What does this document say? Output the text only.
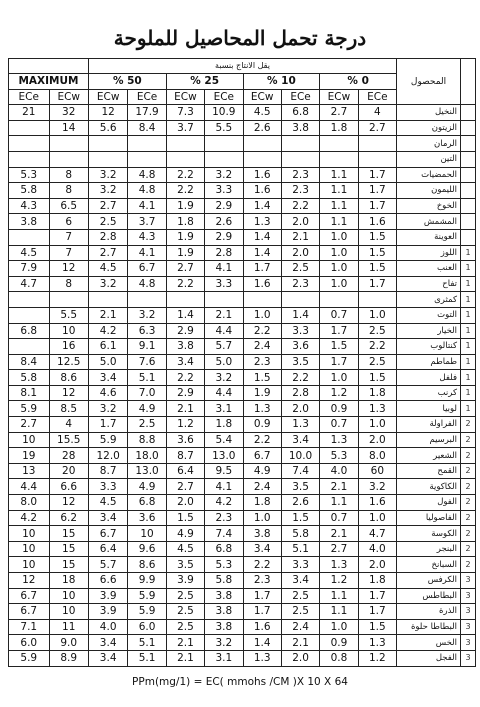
درجة تحمل المحاصيل للملوحة
		يقل الانتاج بنسبة								المحصول	
MAXIMUM		% 50		% 25		% 10		% 0			
ECe	ECw	ECw	ECe	ECw	ECe	ECw	ECe	ECw	ECe		
21	32	12	17.9	7.3	10.9	4.5	6.8	2.7	4	النخيل	
	14	5.6	8.4	3.7	5.5	2.6	3.8	1.8	2.7	الزيتون	
										الرمان	
										التين	
5.3	8	3.2	4.8	2.2	3.2	1.6	2.3	1.1	1.7	الحمضيات	
5.8	8	3.2	4.8	2.2	3.3	1.6	2.3	1.1	1.7	الليمون	
4.3	6.5	2.7	4.1	1.9	2.9	1.4	2.2	1.1	1.7	الخوخ	
3.8	6	2.5	3.7	1.8	2.6	1.3	2.0	1.1	1.6	المشمش	
	7	2.8	4.3	1.9	2.9	1.4	2.1	1.0	1.5	العوينة	
4.5	7	2.7	4.1	1.9	2.8	1.4	2.0	1.0	1.5	اللوز	1
7.9	12	4.5	6.7	2.7	4.1	1.7	2.5	1.0	1.5	العنب	1
4.7	8	3.2	4.8	2.2	3.3	1.6	2.3	1.0	1.7	تفاح	1
										كمثرى	1
	5.5	2.1	3.2	1.4	2.1	1.0	1.4	0.7	1.0	التوت	1
6.8	10	4.2	6.3	2.9	4.4	2.2	3.3	1.7	2.5	الخيار	1
	16	6.1	9.1	3.8	5.7	2.4	3.6	1.5	2.2	كنتالوب	1
8.4	12.5	5.0	7.6	3.4	5.0	2.3	3.5	1.7	2.5	طماطم	1
5.8	8.6	3.4	5.1	2.2	3.2	1.5	2.2	1.0	1.5	فلفل	1
8.1	12	4.6	7.0	2.9	4.4	1.9	2.8	1.2	1.8	كرنب	1
5.9	8.5	3.2	4.9	2.1	3.1	1.3	2.0	0.9	1.3	لوبيا	1
2.7	4	1.7	2.5	1.2	1.8	0.9	1.3	0.7	1.0	الفراولة	2
10	15.5	5.9	8.8	3.6	5.4	2.2	3.4	1.3	2.0	البرسيم	2
19	28	12.0	18.0	8.7	13.0	6.7	10.0	5.3	8.0	الشعير	2
13	20	8.7	13.0	6.4	9.5	4.9	7.4	4.0	60	القمح	2
4.4	6.6	3.3	4.9	2.7	4.1	2.4	3.5	2.1	3.2	الكاكوية	2
8.0	12	4.5	6.8	2.0	4.2	1.8	2.6	1.1	1.6	الفول	2
4.2	6.2	3.4	3.6	1.5	2.3	1.0	1.5	0.7	1.0	الفاصوليا	2
10	15	6.7	10	4.9	7.4	3.8	5.8	2.1	4.7	الكوسة	2
10	15	6.4	9.6	4.5	6.8	3.4	5.1	2.7	4.0	البنجر	2
10	15	5.7	8.6	3.5	5.3	2.2	3.3	1.3	2.0	السبانخ	2
12	18	6.6	9.9	3.9	5.8	2.3	3.4	1.2	1.8	الكرفس	3
6.7	10	3.9	5.9	2.5	3.8	1.7	2.5	1.1	1.7	البطاطس	3
6.7	10	3.9	5.9	2.5	3.8	1.7	2.5	1.1	1.7	الذرة	3
7.1	11	4.0	6.0	2.5	3.8	1.6	2.4	1.0	1.5	البطاطا حلوة	3
6.0	9.0	3.4	5.1	2.1	3.2	1.4	2.1	0.9	1.3	الخس	3
5.9	8.9	3.4	5.1	2.1	3.1	1.3	2.0	0.8	1.2	الفجل	3
PPm(mg/1) = EC( mmohs /CM )X 10 X 64
